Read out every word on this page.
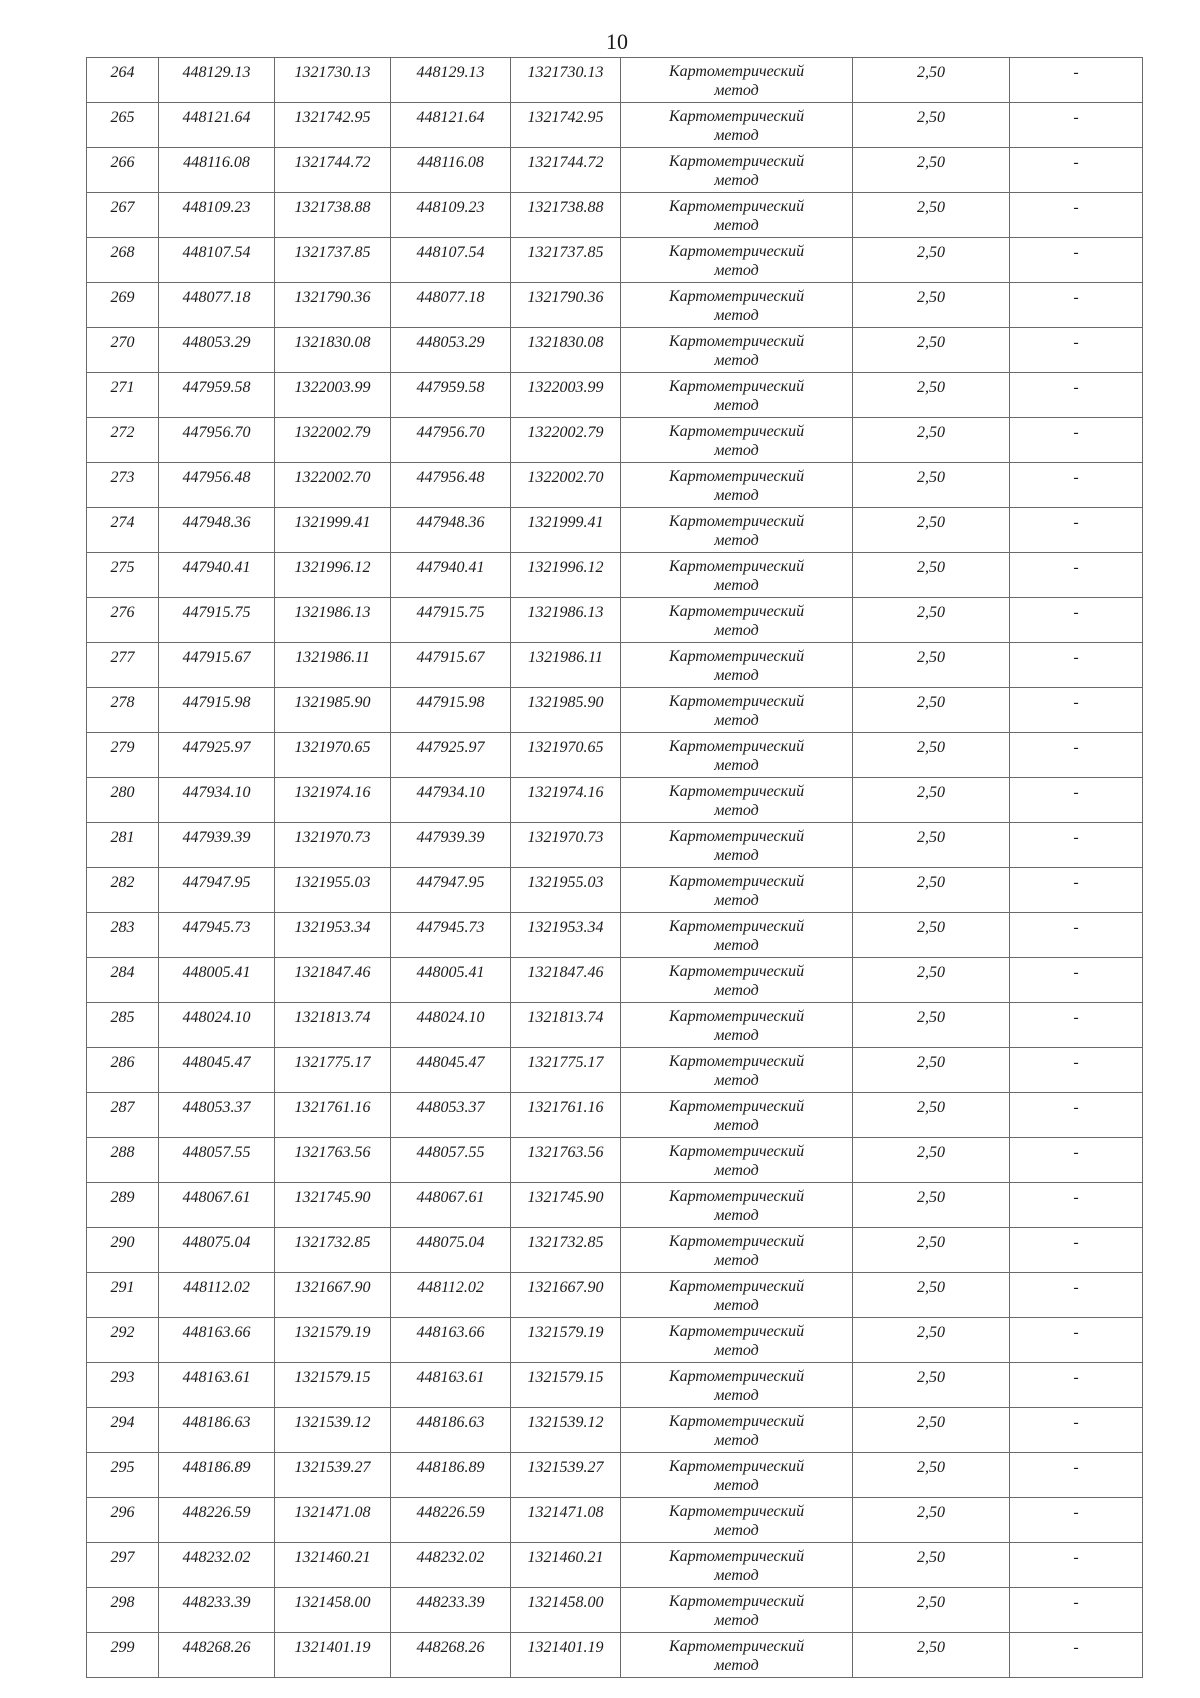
10
264	448129.13	1321730.13	448129.13	1321730.13	Картометрический
метод	2,50	-
265	448121.64	1321742.95	448121.64	1321742.95	Картометрический
метод	2,50	-
266	448116.08	1321744.72	448116.08	1321744.72	Картометрический
метод	2,50	-
267	448109.23	1321738.88	448109.23	1321738.88	Картометрический
метод	2,50	-
268	448107.54	1321737.85	448107.54	1321737.85	Картометрический
метод	2,50	-
269	448077.18	1321790.36	448077.18	1321790.36	Картометрический
метод	2,50	-
270	448053.29	1321830.08	448053.29	1321830.08	Картометрический
метод	2,50	-
271	447959.58	1322003.99	447959.58	1322003.99	Картометрический
метод	2,50	-
272	447956.70	1322002.79	447956.70	1322002.79	Картометрический
метод	2,50	-
273	447956.48	1322002.70	447956.48	1322002.70	Картометрический
метод	2,50	-
274	447948.36	1321999.41	447948.36	1321999.41	Картометрический
метод	2,50	-
275	447940.41	1321996.12	447940.41	1321996.12	Картометрический
метод	2,50	-
276	447915.75	1321986.13	447915.75	1321986.13	Картометрический
метод	2,50	-
277	447915.67	1321986.11	447915.67	1321986.11	Картометрический
метод	2,50	-
278	447915.98	1321985.90	447915.98	1321985.90	Картометрический
метод	2,50	-
279	447925.97	1321970.65	447925.97	1321970.65	Картометрический
метод	2,50	-
280	447934.10	1321974.16	447934.10	1321974.16	Картометрический
метод	2,50	-
281	447939.39	1321970.73	447939.39	1321970.73	Картометрический
метод	2,50	-
282	447947.95	1321955.03	447947.95	1321955.03	Картометрический
метод	2,50	-
283	447945.73	1321953.34	447945.73	1321953.34	Картометрический
метод	2,50	-
284	448005.41	1321847.46	448005.41	1321847.46	Картометрический
метод	2,50	-
285	448024.10	1321813.74	448024.10	1321813.74	Картометрический
метод	2,50	-
286	448045.47	1321775.17	448045.47	1321775.17	Картометрический
метод	2,50	-
287	448053.37	1321761.16	448053.37	1321761.16	Картометрический
метод	2,50	-
288	448057.55	1321763.56	448057.55	1321763.56	Картометрический
метод	2,50	-
289	448067.61	1321745.90	448067.61	1321745.90	Картометрический
метод	2,50	-
290	448075.04	1321732.85	448075.04	1321732.85	Картометрический
метод	2,50	-
291	448112.02	1321667.90	448112.02	1321667.90	Картометрический
метод	2,50	-
292	448163.66	1321579.19	448163.66	1321579.19	Картометрический
метод	2,50	-
293	448163.61	1321579.15	448163.61	1321579.15	Картометрический
метод	2,50	-
294	448186.63	1321539.12	448186.63	1321539.12	Картометрический
метод	2,50	-
295	448186.89	1321539.27	448186.89	1321539.27	Картометрический
метод	2,50	-
296	448226.59	1321471.08	448226.59	1321471.08	Картометрический
метод	2,50	-
297	448232.02	1321460.21	448232.02	1321460.21	Картометрический
метод	2,50	-
298	448233.39	1321458.00	448233.39	1321458.00	Картометрический
метод	2,50	-
299	448268.26	1321401.19	448268.26	1321401.19	Картометрический
метод	2,50	-
